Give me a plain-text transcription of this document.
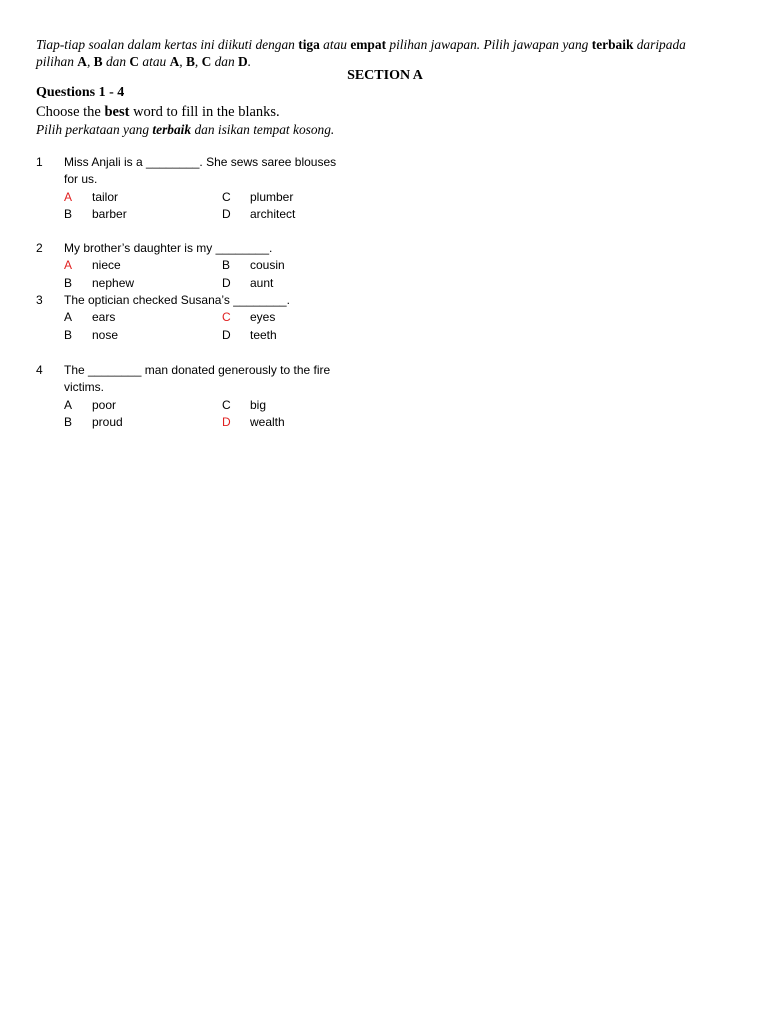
Tiap-tiap soalan dalam kertas ini diikuti dengan tiga atau empat pilihan jawapan. Pilih jawapan yang terbaik daripada
pilihan A, B dan C atau A, B, C dan D.
SECTION A
Questions 1 - 4
Choose the best word to fill in the blanks.
Pilih perkataan yang terbaik dan isikan tempat kosong.
1 Miss Anjali is a ________. She sews saree blouses
for us.
A tailor	C plumber
B barber	D architect
2 My brother’s daughter is my ________.
A niece	B cousin
B nephew	D aunt
3 The optician checked Susana’s ________.
A ears	C eyes
B nose	D teeth
4 The ________ man donated generously to the fire
victims.
A poor	C big
B proud	D wealth
